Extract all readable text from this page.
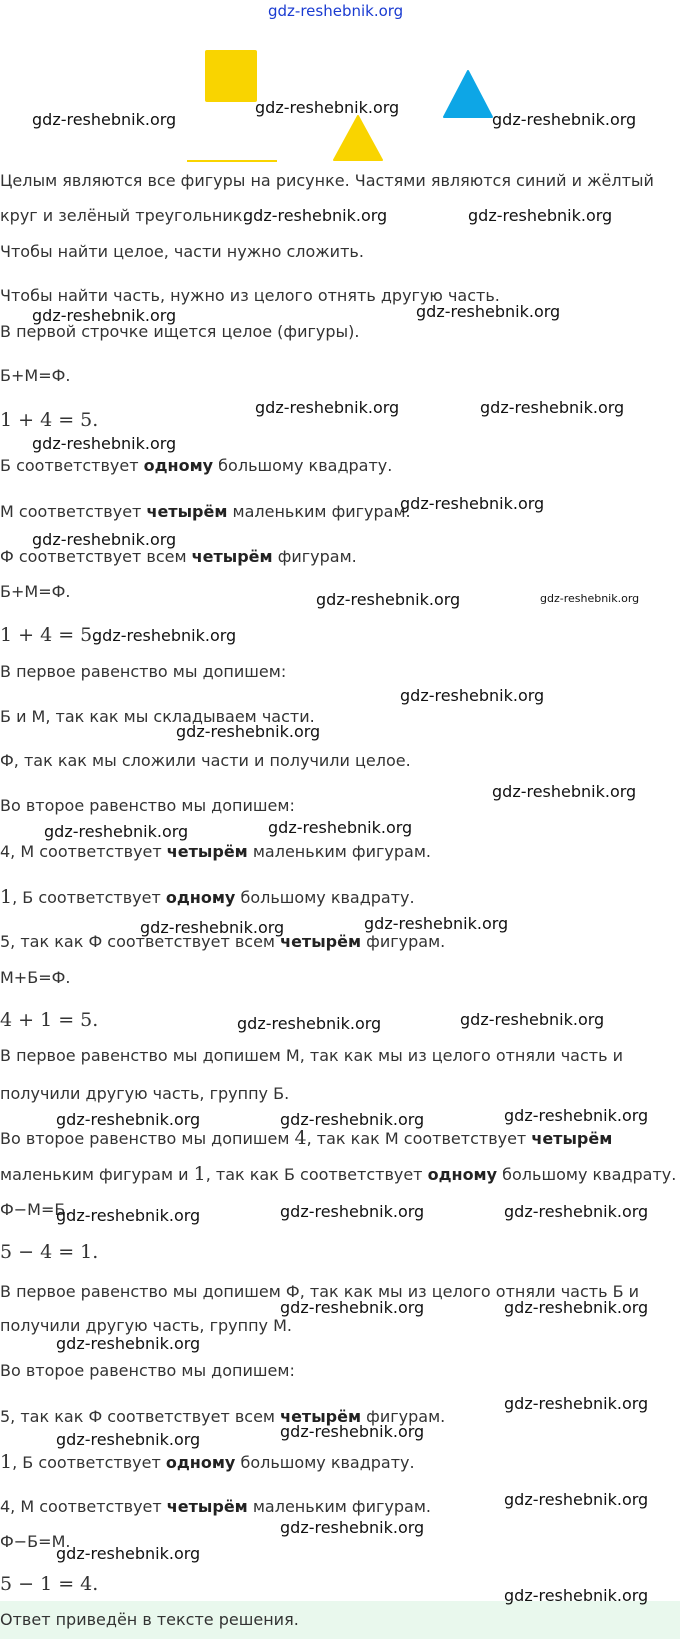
Целым являются все фигуры на рисунке. Частями являются синий и жёлтый
круг и зелёный треугольник.
Чтобы найти целое, части нужно сложить.
Чтобы найти часть, нужно из целого отнять другую часть.
В первой строчке ищется целое (фигуры).
Б+М=Ф.
1 + 4 = 5.
Б соответствует одному большому квадрату.
М соответствует четырём маленьким фигурам.
Ф соответствует всем четырём фигурам.
Б+М=Ф.
1 + 4 = 5.
В первое равенство мы допишем:
Б и М, так как мы складываем части.
Ф, так как мы сложили части и получили целое.
Во второе равенство мы допишем:
4, М соответствует четырём маленьким фигурам.
1, Б соответствует одному большому квадрату.
5, так как Ф соответствует всем четырём фигурам.
М+Б=Ф.
4 + 1 = 5.
В первое равенство мы допишем М, так как мы из целого отняли часть и
получили другую часть, группу Б.
Во второе равенство мы допишем 4, так как М соответствует четырём
маленьким фигурам и 1, так как Б соответствует одному большому квадрату.
Ф−М=Б.
5 − 4 = 1.
В первое равенство мы допишем Ф, так как мы из целого отняли часть Б и
получили другую часть, группу М.
Во второе равенство мы допишем:
5, так как Ф соответствует всем четырём фигурам.
1, Б соответствует одному большому квадрату.
4, М соответствует четырём маленьким фигурам.
Ф−Б=М.
5 − 1 = 4.
Ответ приведён в тексте решения.
gdz-reshebnik.org
gdz-reshebnik.org
gdz-reshebnik.org
gdz-reshebnik.org
gdz-reshebnik.org	gdz-reshebnik.org
gdz-reshebnik.org	gdz-reshebnik.org
gdz-reshebnik.org	gdz-reshebnik.org
gdz-reshebnik.org
gdz-reshebnik.org
gdz-reshebnik.org
gdz-reshebnik.org	gdz-reshebnik.org
gdz-reshebnik.org
gdz-reshebnik.org
gdz-reshebnik.org
gdz-reshebnik.org
gdz-reshebnik.org	gdz-reshebnik.org
gdz-reshebnik.org	gdz-reshebnik.org
gdz-reshebnik.org	gdz-reshebnik.org
gdz-reshebnik.org	gdz-reshebnik.org	gdz-reshebnik.org
gdz-reshebnik.org	gdz-reshebnik.org	gdz-reshebnik.org
gdz-reshebnik.org	gdz-reshebnik.org
gdz-reshebnik.org
gdz-reshebnik.org
gdz-reshebnik.org
gdz-reshebnik.org
gdz-reshebnik.org
gdz-reshebnik.org
gdz-reshebnik.org
gdz-reshebnik.org
